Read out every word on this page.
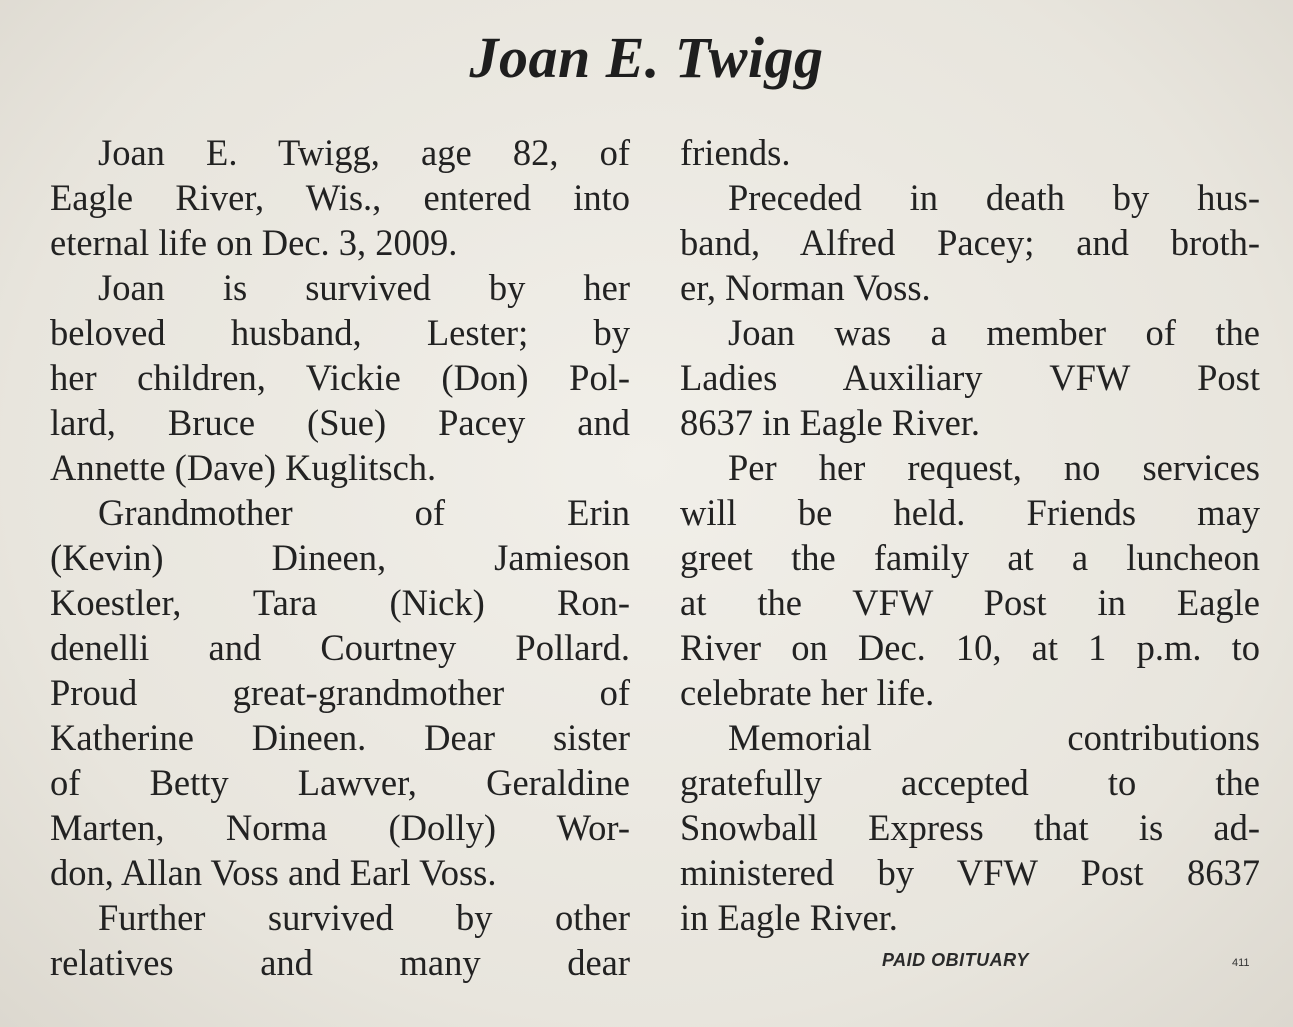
Joan E. Twigg
Joan E. Twigg, age 82, of
Eagle River, Wis., entered into
eternal life on Dec. 3, 2009.
Joan is survived by her
beloved husband, Lester; by
her children, Vickie (Don) Pol-
lard, Bruce (Sue) Pacey and
Annette (Dave) Kuglitsch.
Grandmother of Erin
(Kevin) Dineen, Jamieson
Koestler, Tara (Nick) Ron-
denelli and Courtney Pollard.
Proud great-grandmother of
Katherine Dineen. Dear sister
of Betty Lawver, Geraldine
Marten, Norma (Dolly) Wor-
don, Allan Voss and Earl Voss.
Further survived by other
relatives and many dear
friends.
Preceded in death by hus-
band, Alfred Pacey; and broth-
er, Norman Voss.
Joan was a member of the
Ladies Auxiliary VFW Post
8637 in Eagle River.
Per her request, no services
will be held. Friends may
greet the family at a luncheon
at the VFW Post in Eagle
River on Dec. 10, at 1 p.m. to
celebrate her life.
Memorial contributions
gratefully accepted to the
Snowball Express that is ad-
ministered by VFW Post 8637
in Eagle River.
PAID OBITUARY	411
